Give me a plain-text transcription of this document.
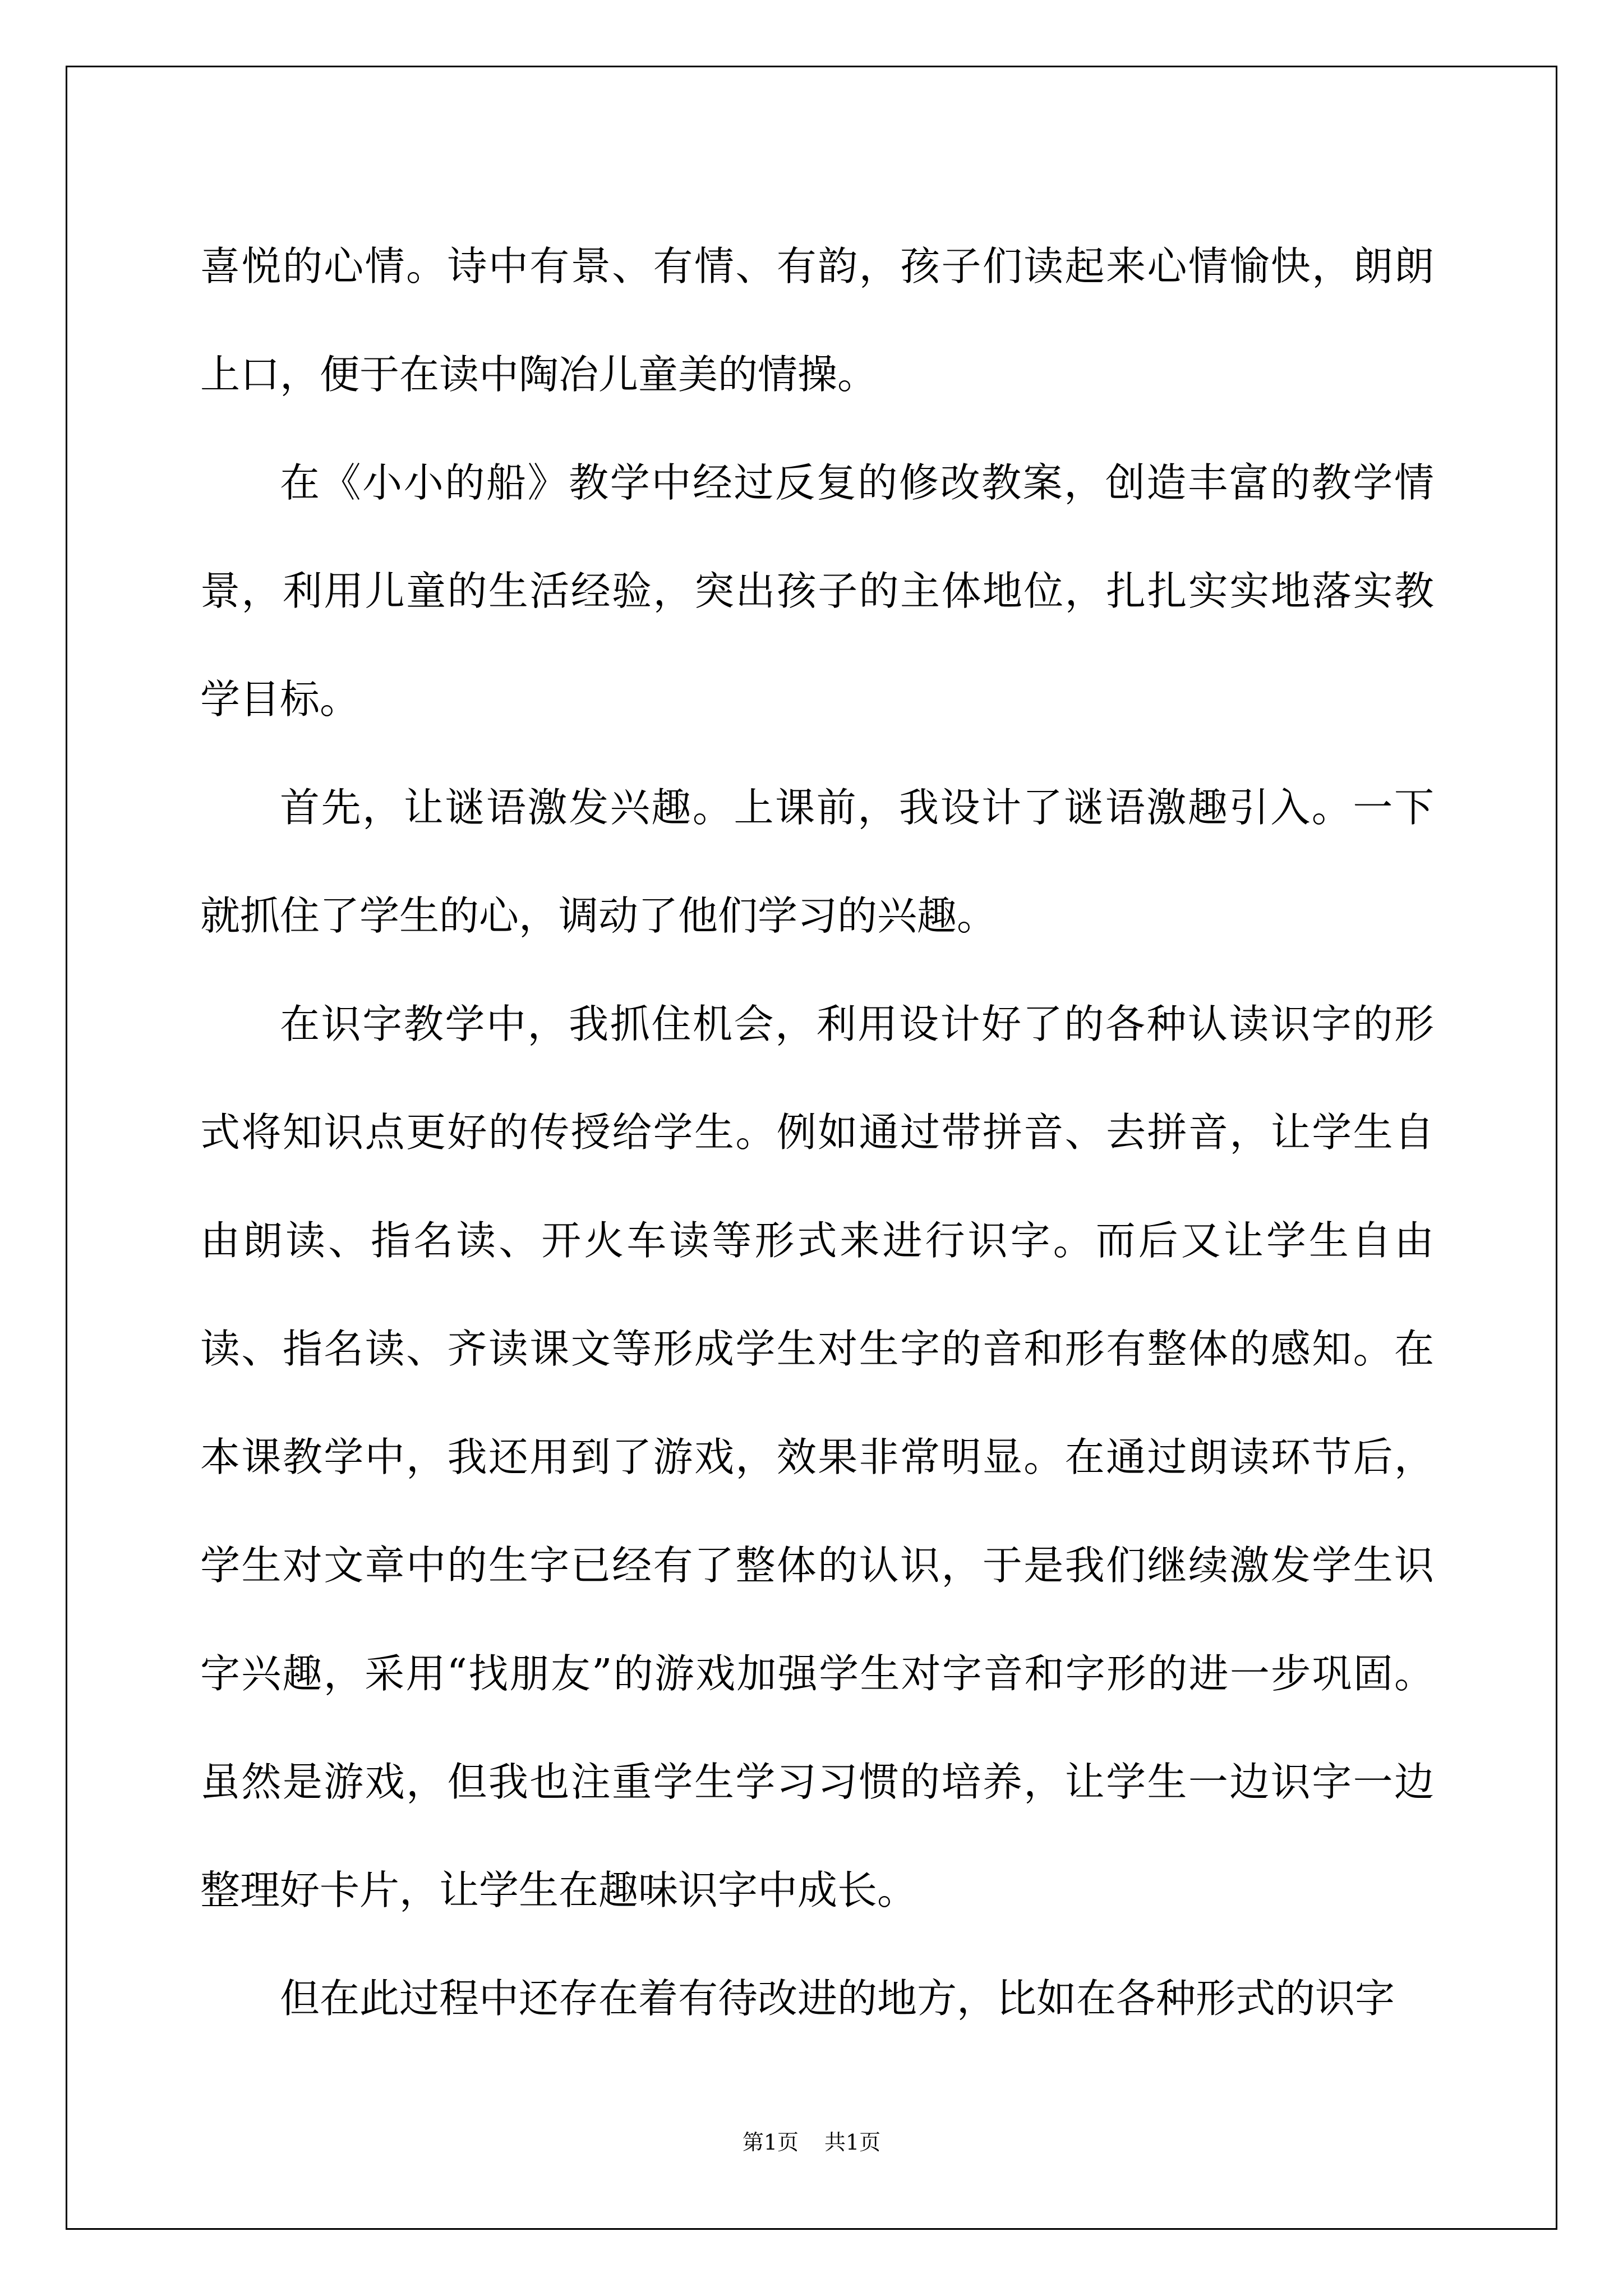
喜悦的心情。诗中有景、有情、有韵，孩子们读起来心情愉快，朗朗上口，便于在读中陶冶儿童美的情操。

在《小小的船》教学中经过反复的修改教案，创造丰富的教学情景，利用儿童的生活经验，突出孩子的主体地位，扎扎实实地落实教学目标。

首先，让谜语激发兴趣。上课前，我设计了谜语激趣引入。一下就抓住了学生的心，调动了他们学习的兴趣。

在识字教学中，我抓住机会，利用设计好了的各种认读识字的形式将知识点更好的传授给学生。例如通过带拼音、去拼音，让学生自由朗读、指名读、开火车读等形式来进行识字。而后又让学生自由读、指名读、齐读课文等形成学生对生字的音和形有整体的感知。在本课教学中，我还用到了游戏，效果非常明显。在通过朗读环节后，学生对文章中的生字已经有了整体的认识，于是我们继续激发学生识字兴趣，采用“找朋友”的游戏加强学生对字音和字形的进一步巩固。虽然是游戏，但我也注重学生学习习惯的培养，让学生一边识字一边整理好卡片，让学生在趣味识字中成长。

但在此过程中还存在着有待改进的地方，比如在各种形式的识字

第1页 共1页
